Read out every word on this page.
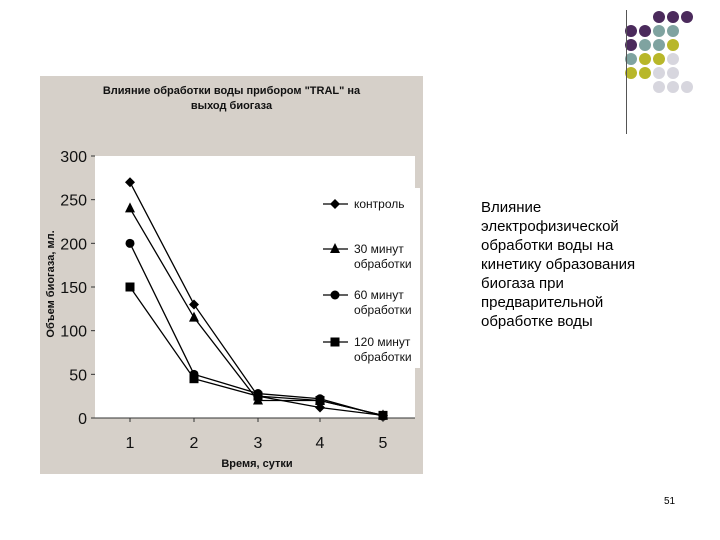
Влияние обработки воды прибором "TRAL" на
выход биогаза
0
50
100
150
200
250
300
1	2	3	4	5
Время, сутки
Объем биогаза, мл.
контроль
30 минут обработки
60 минут обработки
120 минут обработки
Влияние
электрофизической
обработки воды на
кинетику образования
биогаза при
предварительной
обработке воды
51
